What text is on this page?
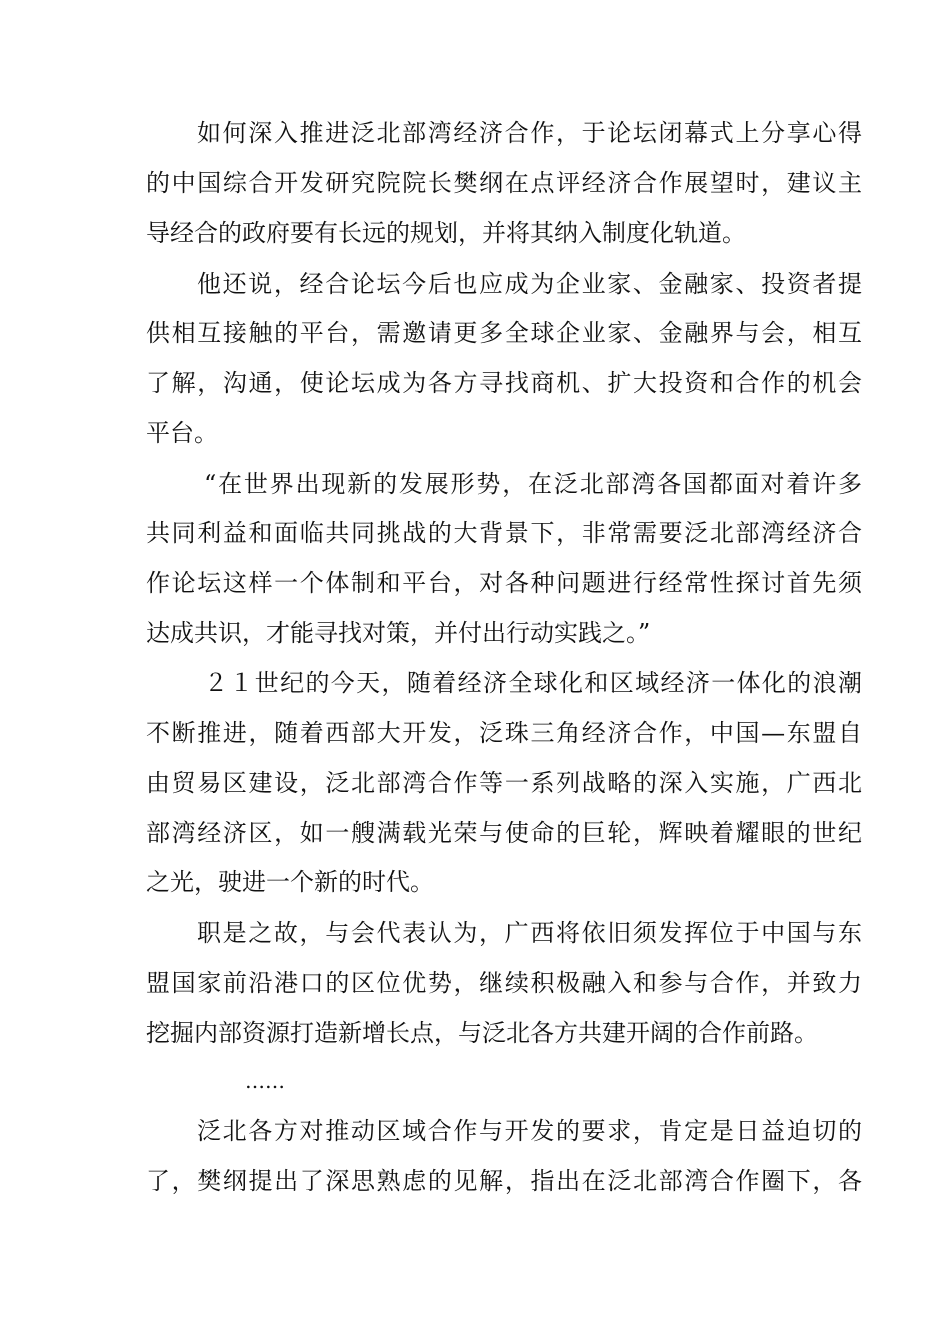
如何深入推进泛北部湾经济合作，于论坛闭幕式上分享心得
的中国综合开发研究院院长樊纲在点评经济合作展望时，建议主
导经合的政府要有长远的规划，并将其纳入制度化轨道。
他还说，经合论坛今后也应成为企业家、金融家、投资者提
供相互接触的平台，需邀请更多全球企业家、金融界与会，相互
了解，沟通，使论坛成为各方寻找商机、扩大投资和合作的机会
平台。
“在世界出现新的发展形势，在泛北部湾各国都面对着许多
共同利益和面临共同挑战的大背景下，非常需要泛北部湾经济合
作论坛这样一个体制和平台，对各种问题进行经常性探讨首先须
达成共识，才能寻找对策，并付出行动实践之。”
２１世纪的今天，随着经济全球化和区域经济一体化的浪潮
不断推进，随着西部大开发，泛珠三角经济合作，中国—东盟自
由贸易区建设，泛北部湾合作等一系列战略的深入实施，广西北
部湾经济区，如一艘满载光荣与使命的巨轮，辉映着耀眼的世纪
之光，驶进一个新的时代。
职是之故，与会代表认为，广西将依旧须发挥位于中国与东
盟国家前沿港口的区位优势，继续积极融入和参与合作，并致力
挖掘内部资源打造新增长点，与泛北各方共建开阔的合作前路。
……
泛北各方对推动区域合作与开发的要求，肯定是日益迫切的
了，樊纲提出了深思熟虑的见解，指出在泛北部湾合作圈下，各
